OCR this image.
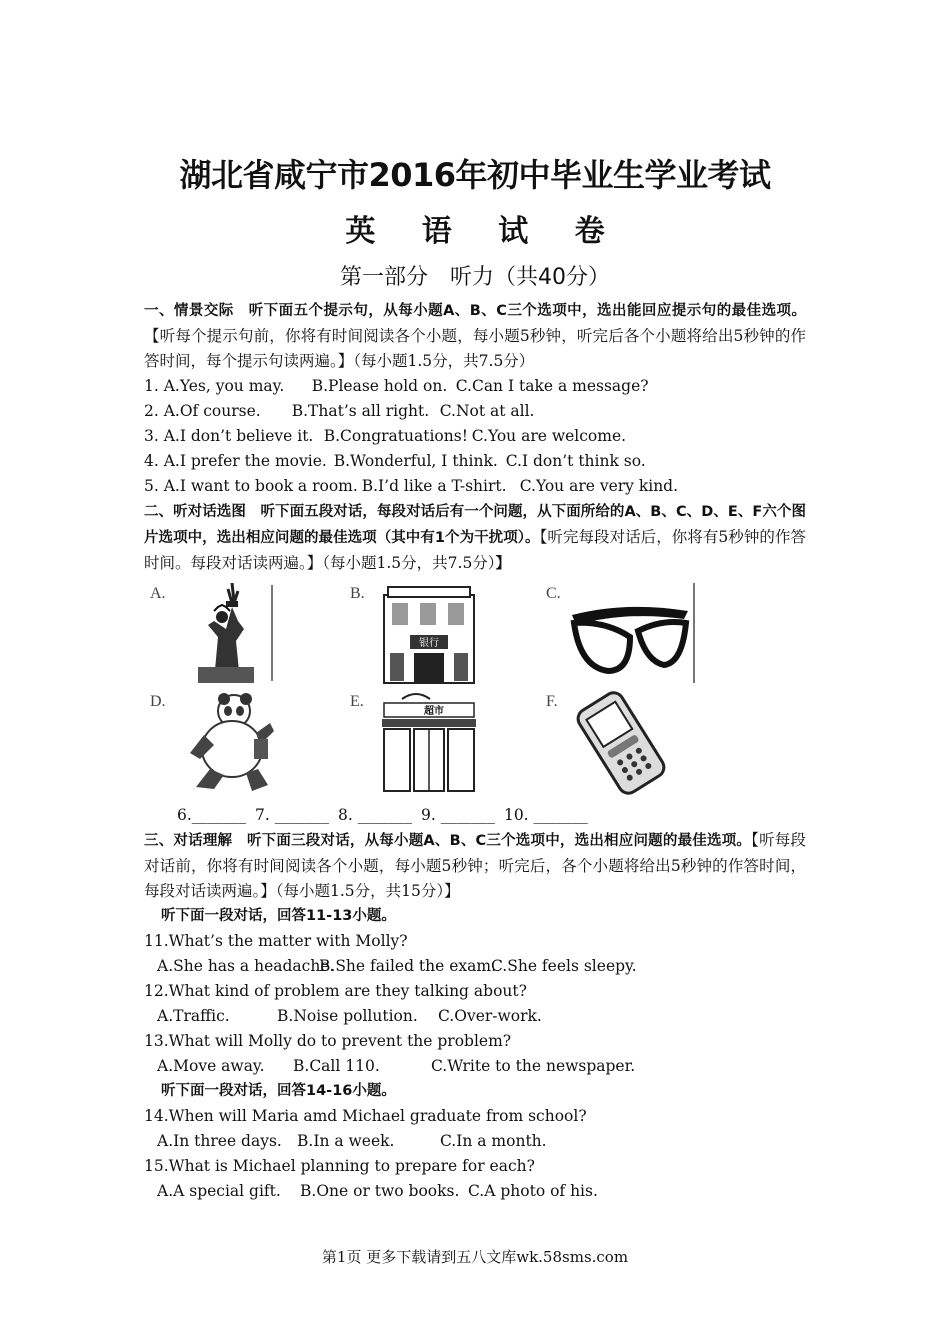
湖北省咸宁市2016年初中毕业生学业考试
英 语 试 卷
第一部分　听力（共40分）

一、情景交际　听下面五个提示句，从每小题A、B、C三个选项中，选出能回应提示句的最佳选项。【听每个提示句前，你将有时间阅读各个小题，每小题5秒钟，听完后各个小题将给出5秒钟的作答时间，每个提示句读两遍。】（每小题1.5分，共7.5分）

1. A.Yes, you may. B.Please hold on. C.Can I take a message?

2. A.Of course. B.That’s all right. C.Not at all.

3. A.I don’t believe it. B.Congratuations! C.You are welcome.

4. A.I prefer the movie. B.Wonderful, I think. C.I don’t think so.

5. A.I want to book a room. B.I’d like a T-shirt. C.You are very kind.

二、听对话选图　听下面五段对话，每段对话后有一个问题，从下面所给的A、B、C、D、E、F六个图片选项中，选出相应问题的最佳选项（其中有1个为干扰项）。【听完每段对话后，你将有5秒钟的作答时间。每段对话读两遍。】（每小题1.5分，共7.5分）】

A.	B.
银行
C.
D.	E.
超市
F.

6._______ 7. _______ 8. _______ 9. _______ 10. _______

三、对话理解　听下面三段对话，从每小题A、B、C三个选项中，选出相应问题的最佳选项。【听每段对话前，你将有时间阅读各个小题，每小题5秒钟；听完后，各个小题将给出5秒钟的作答时间，每段对话读两遍。】（每小题1.5分，共15分）】

听下面一段对话，回答11-13小题。

11.What’s the matter with Molly?

A.She has a headache.B.She failed the exam.C.She feels sleepy.

12.What kind of problem are they talking about?

A.Traffic.	B.Noise pollution. C.Over-work.

13.What will Molly do to prevent the problem?

A.Move away. B.Call 110.	C.Write to the newspaper.

听下面一段对话，回答14-16小题。

14.When will Maria amd Michael graduate from school?

A.In three days. B.In a week.	C.In a month.

15.What is Michael planning to prepare for each?

A.A special gift. B.One or two books. C.A photo of his.

第1页 更多下载请到五八文库wk.58sms.com
